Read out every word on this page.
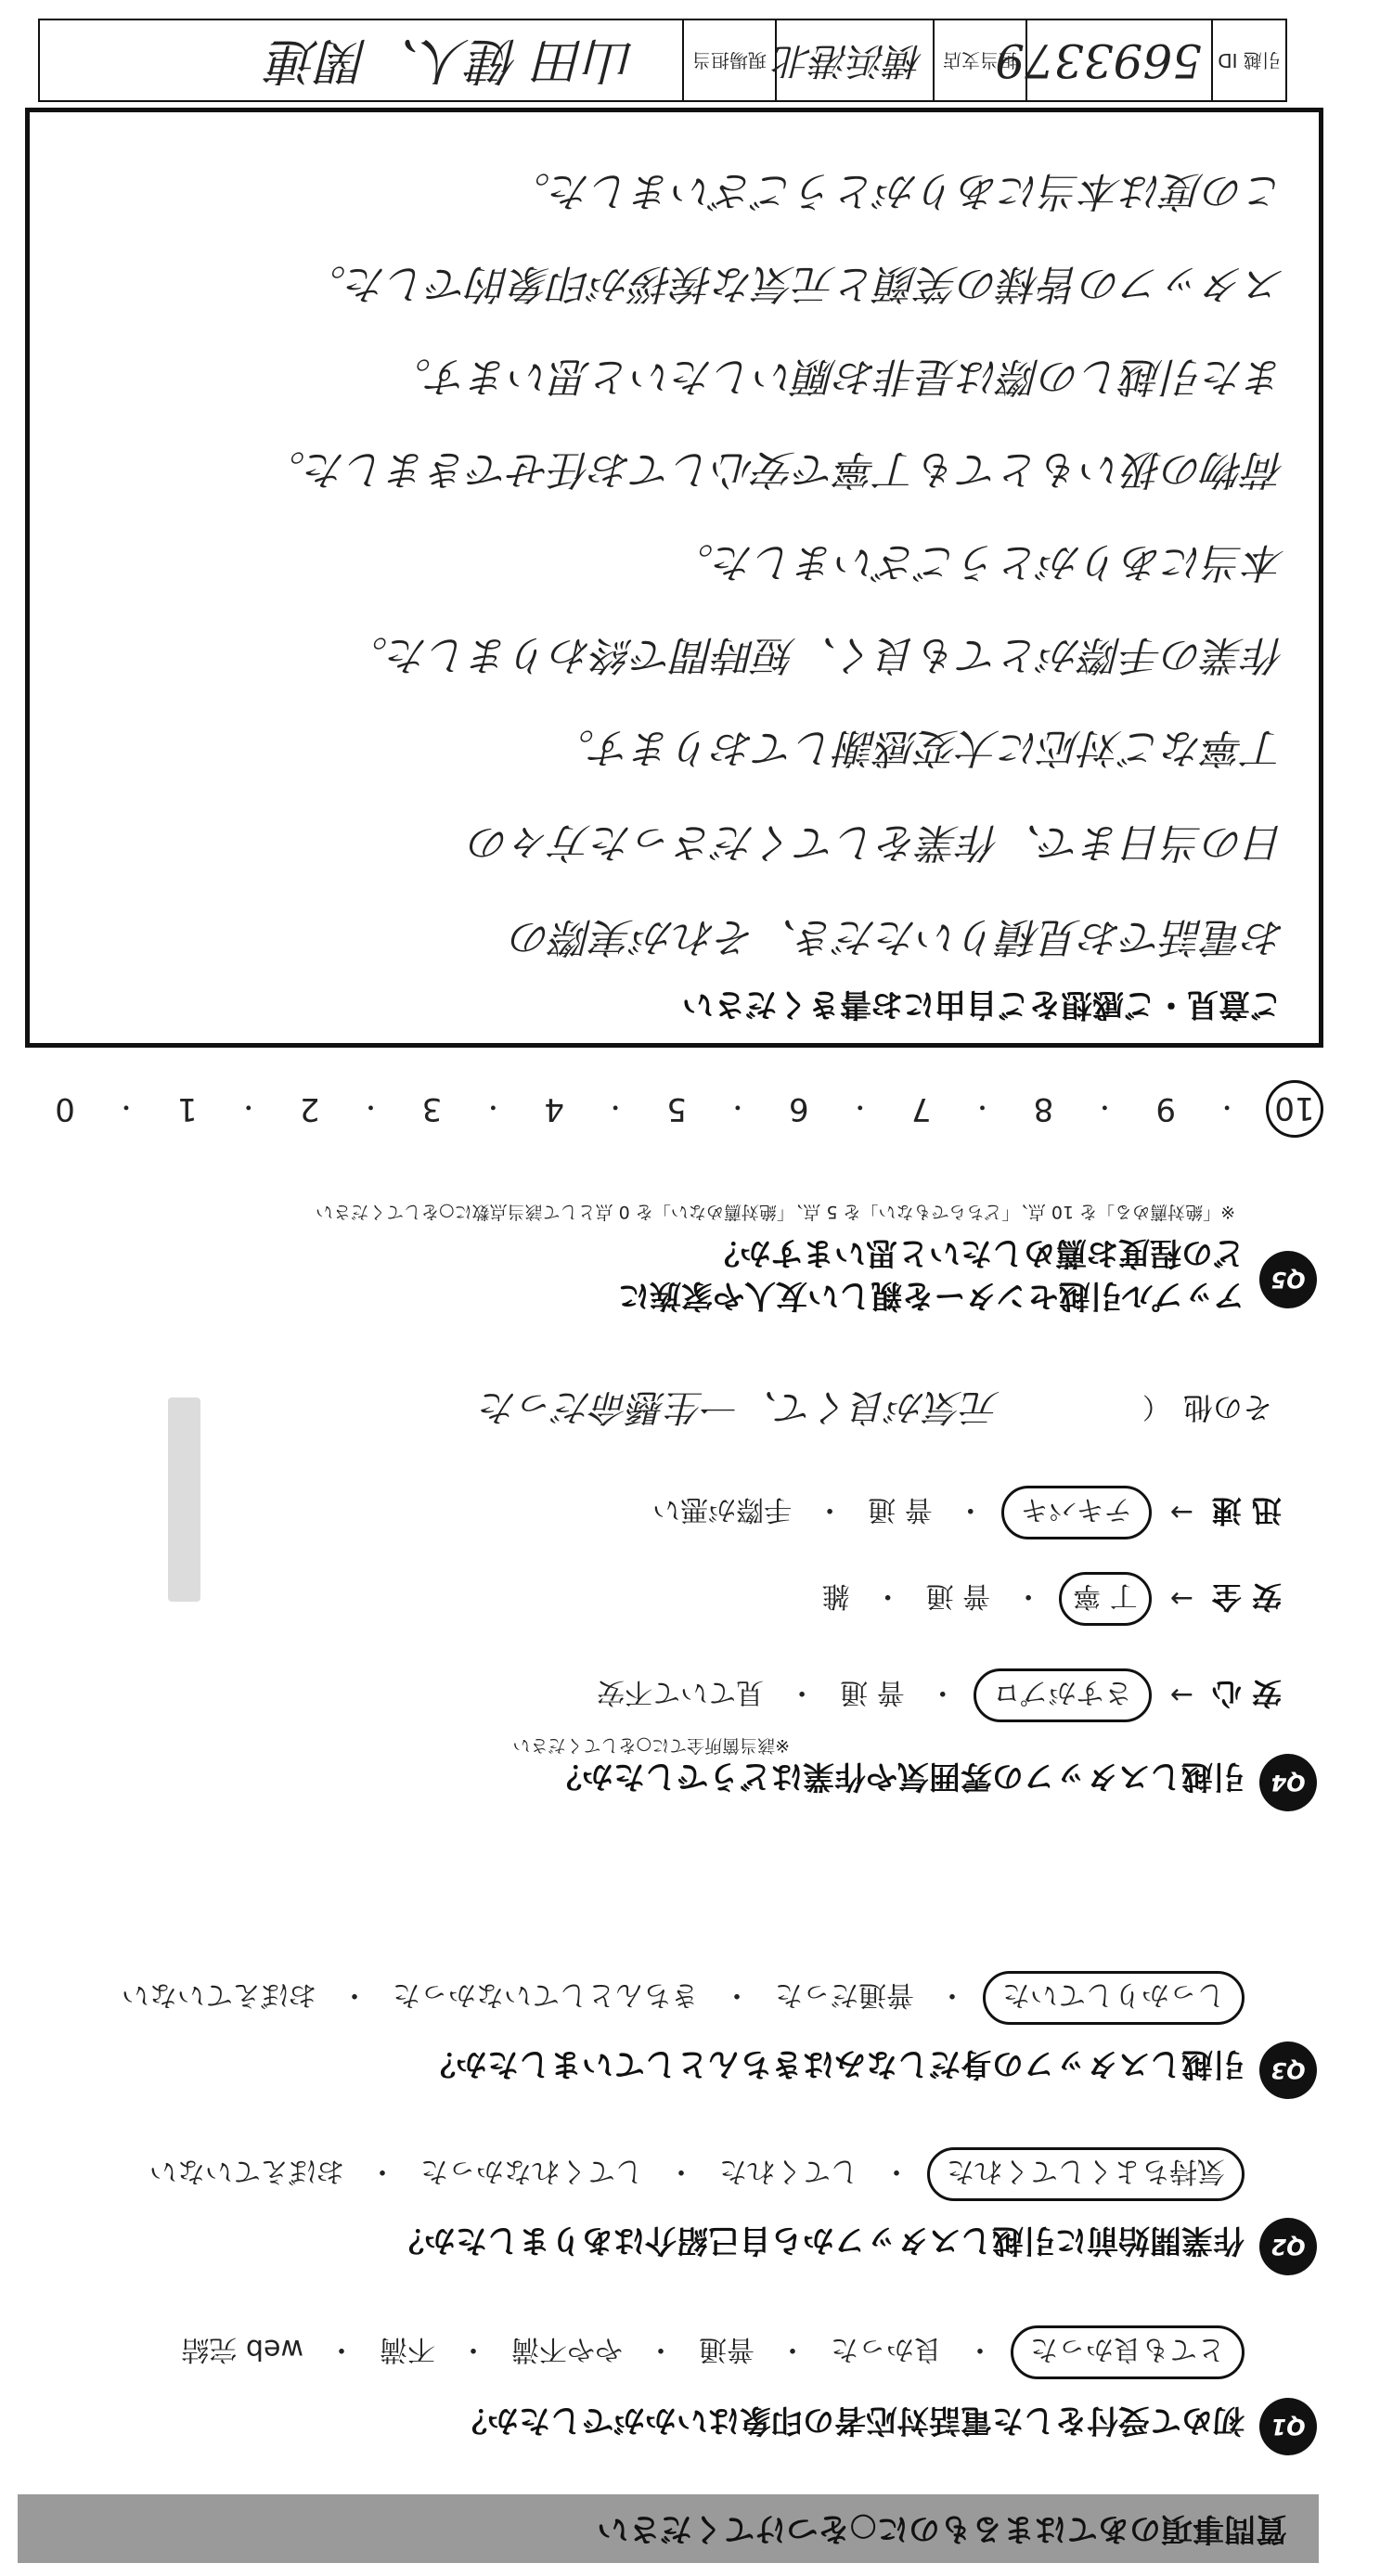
質問事項のあてはまるものに○をつけてください
Q1
初めて受付をした電話対応者の印象はいかがでしたか？
とても良かった
・
良かった
・
普通
・
やや不満
・
不満
・
web 完結
Q2
作業開始前に引越しスタッフから自己紹介はありましたか？
気持ちよくしてくれた
・
してくれた
・
してくれなかった
・
おぼえていない
Q3
引越しスタッフの身だしなみはきちんとしていましたか？
しっかりしていた
・
普通だった
・
きちんとしていなかった
・
おぼえていない
Q4
引越しスタッフの雰囲気や作業はどうでしたか？
※該当箇所全てに○をしてください
安 心
→
さすがプロ
・
普 通
・
見ていて不安
安 全
→
丁 寧
・
普 通
・
雑
迅 速
→
テキパキ
・
普 通
・
手際が悪い
その他
（
元気が良くて、一生懸命だった
Q5
アップル引越センターを親しい友人や家族に
どの程度お薦めしたいと思いますか？
※「絶対薦める」を 10 点、「どちらでもない」を 5 点、「絶対薦めない」を 0 点として該当点数に○をしてください
10
・
9
・
8
・
7
・
6
・
5
・
4
・
3
・
2
・
1
・
0
ご意見・ご感想をご自由にお書きください
お電話でお見積りいただき、それが実際の
日の当日まで、作業をしてくださった方々の
丁寧なご対応に大変感謝しております。
作業の手際がとても良く、短時間で終わりました。
本当にありがとうございました。
荷物の扱いもとても丁寧で安心してお任せできました。
また引越しの際は是非お願いしたいと思います。
スタッフの皆様の笑顔と元気な挨拶が印象的でした。
この度は本当にありがとうございました。
引越 ID
5693379
担当支店
横浜港北
現場担当
山田 健人、関連
